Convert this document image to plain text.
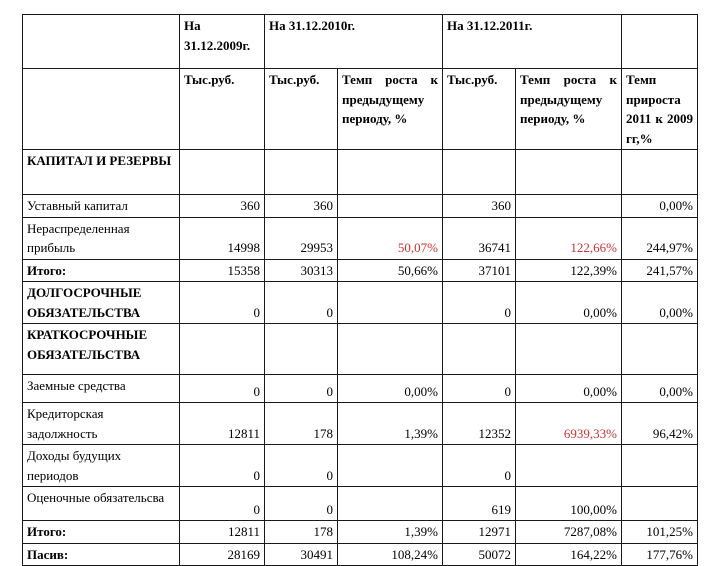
	На 31.12.2009г.	На 31.12.2010г.		На 31.12.2011г.		
	Тыс.руб.	Тыс.руб.	Темп роста к предыдущему периоду, %	Тыс.руб.	Темп роста к предыдущему периоду, %	Темп прироста 2011 к 2009 гг,%
КАПИТАЛ И РЕЗЕРВЫ						
Уставный капитал	360	360		360		0,00%
Нераспределенная прибыль	14998	29953	50,07%	36741	122,66%	244,97%
Итого:	15358	30313	50,66%	37101	122,39%	241,57%
ДОЛГОСРОЧНЫЕ ОБЯЗАТЕЛЬСТВА	0	0		0	0,00%	0,00%
КРАТКОСРОЧНЫЕ ОБЯЗАТЕЛЬСТВА						
Заемные средства	0	0	0,00%	0	0,00%	0,00%
Кредиторская задолжность	12811	178	1,39%	12352	6939,33%	96,42%
Доходы будущих периодов	0	0		0		
Оценочные обязательсва	0	0		619	100,00%	
Итого:	12811	178	1,39%	12971	7287,08%	101,25%
Пасив:	28169	30491	108,24%	50072	164,22%	177,76%
